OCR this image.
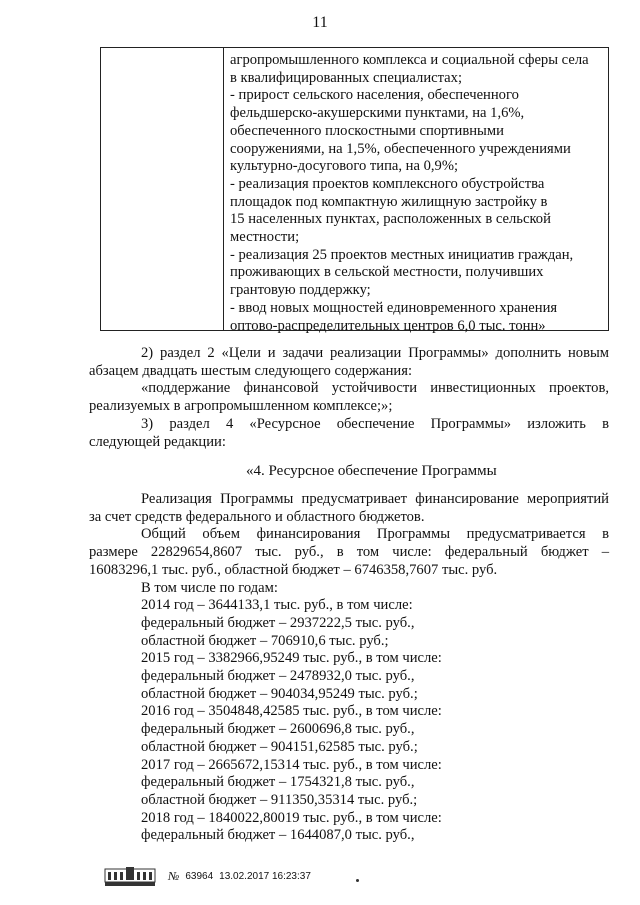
11
агропромышленного комплекса и социальной сферы села
в квалифицированных специалистах;
- прирост сельского населения, обеспеченного
фельдшерско-акушерскими пунктами, на 1,6%,
обеспеченного плоскостными спортивными
сооружениями, на 1,5%, обеспеченного учреждениями
культурно-досугового типа, на 0,9%;
- реализация проектов комплексного обустройства
площадок под компактную жилищную застройку в
15 населенных пунктах, расположенных в сельской
местности;
- реализация 25 проектов местных инициатив граждан,
проживающих в сельской местности, получивших
грантовую поддержку;
- ввод новых мощностей единовременного хранения
оптово-распределительных центров 6,0 тыс. тонн»
2) раздел 2 «Цели и задачи реализации Программы» дополнить новым
абзацем двадцать шестым следующего содержания:
«поддержание финансовой устойчивости инвестиционных проектов,
реализуемых в агропромышленном комплексе;»;
3) раздел 4 «Ресурсное обеспечение Программы» изложить в
следующей редакции:
«4. Ресурсное обеспечение Программы
Реализация Программы предусматривает финансирование мероприятий
за счет средств федерального и областного бюджетов.
Общий объем финансирования Программы предусматривается в
размере 22829654,8607 тыс. руб., в том числе: федеральный бюджет –
16083296,1 тыс. руб., областной бюджет – 6746358,7607 тыс. руб.
В том числе по годам:
2014 год – 3644133,1 тыс. руб., в том числе:
федеральный бюджет – 2937222,5 тыс. руб.,
областной бюджет – 706910,6 тыс. руб.;
2015 год – 3382966,95249 тыс. руб., в том числе:
федеральный бюджет – 2478932,0 тыс. руб.,
областной бюджет – 904034,95249 тыс. руб.;
2016 год – 3504848,42585 тыс. руб., в том числе:
федеральный бюджет – 2600696,8 тыс. руб.,
областной бюджет – 904151,62585 тыс. руб.;
2017 год – 2665672,15314 тыс. руб., в том числе:
федеральный бюджет – 1754321,8 тыс. руб.,
областной бюджет – 911350,35314 тыс. руб.;
2018 год – 1840022,80019 тыс. руб., в том числе:
федеральный бюджет – 1644087,0 тыс. руб.,
№ 63964 13.02.2017 16:23:37
